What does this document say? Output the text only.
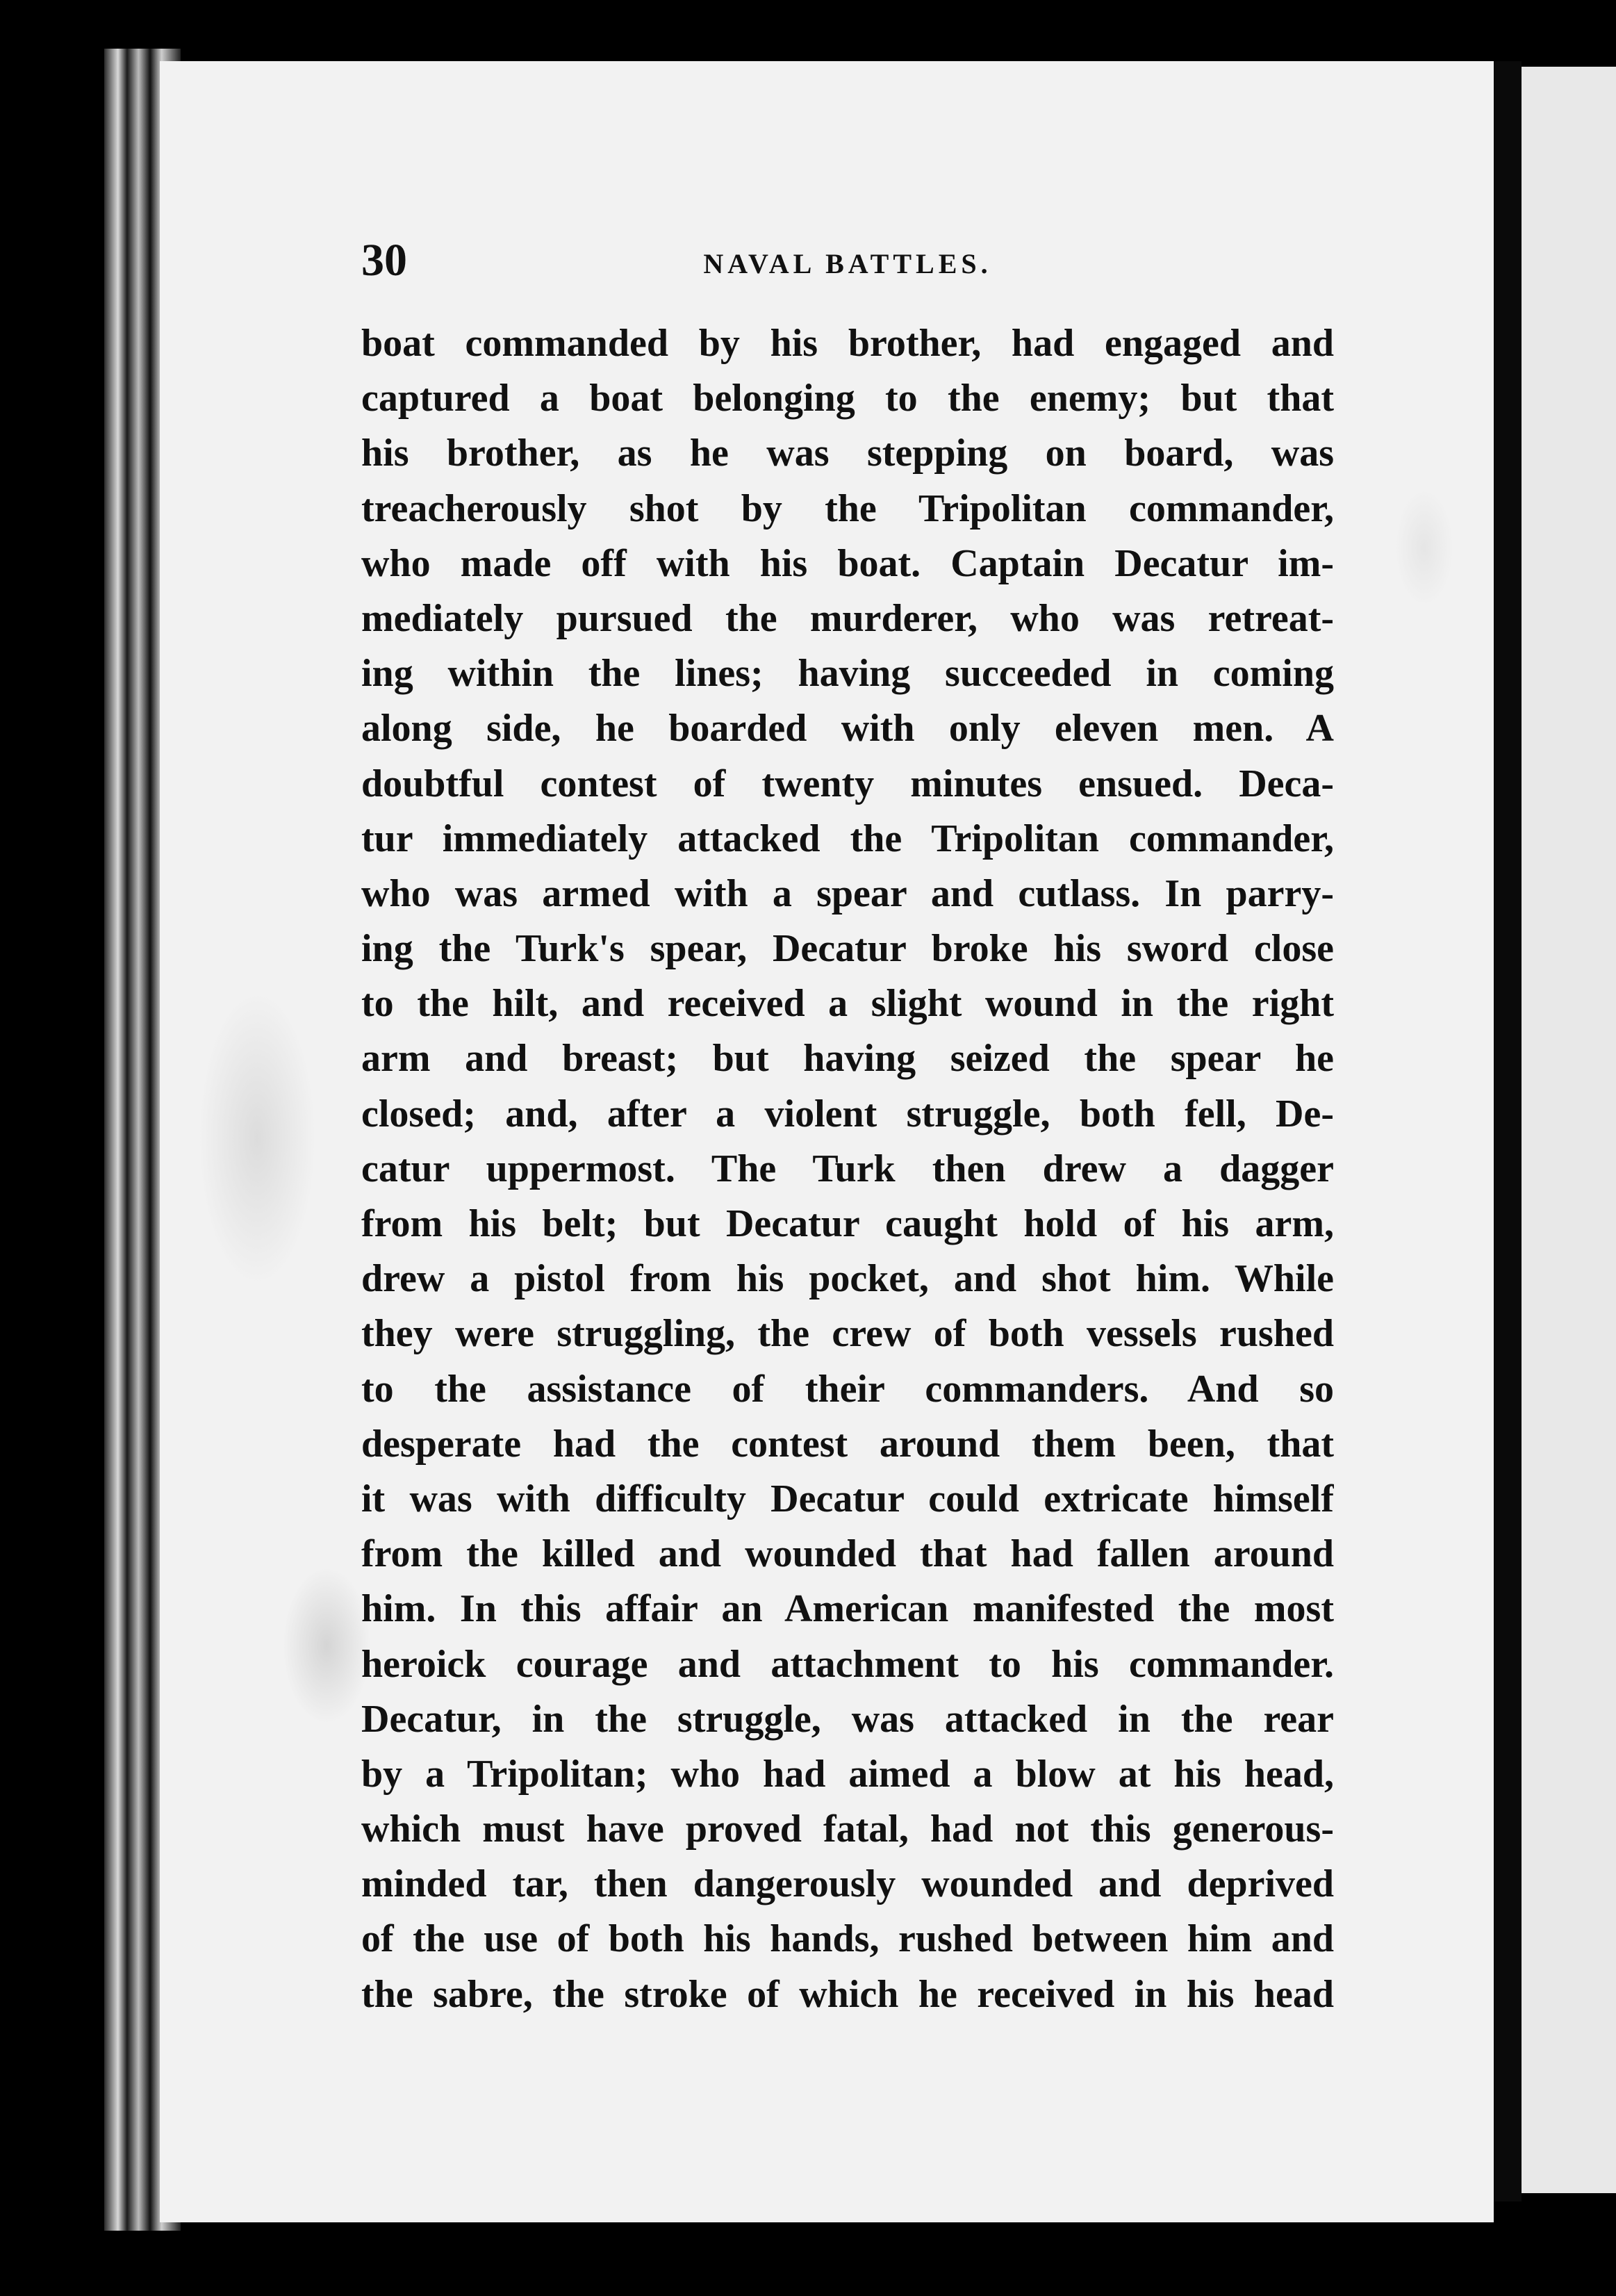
30	NAVAL BATTLES.
boat commanded by his brother, had engaged and
captured a boat belonging to the enemy; but that
his brother, as he was stepping on board, was
treacherously shot by the Tripolitan commander,
who made off with his boat. Captain Decatur im-
mediately pursued the murderer, who was retreat-
ing within the lines; having succeeded in coming
along side, he boarded with only eleven men. A
doubtful contest of twenty minutes ensued. Deca-
tur immediately attacked the Tripolitan commander,
who was armed with a spear and cutlass. In parry-
ing the Turk's spear, Decatur broke his sword close
to the hilt, and received a slight wound in the right
arm and breast; but having seized the spear he
closed; and, after a violent struggle, both fell, De-
catur uppermost. The Turk then drew a dagger
from his belt; but Decatur caught hold of his arm,
drew a pistol from his pocket, and shot him. While
they were struggling, the crew of both vessels rushed
to the assistance of their commanders. And so
desperate had the contest around them been, that
it was with difficulty Decatur could extricate himself
from the killed and wounded that had fallen around
him. In this affair an American manifested the most
heroick courage and attachment to his commander.
Decatur, in the struggle, was attacked in the rear
by a Tripolitan; who had aimed a blow at his head,
which must have proved fatal, had not this generous-
minded tar, then dangerously wounded and deprived
of the use of both his hands, rushed between him and
the sabre, the stroke of which he received in his head
